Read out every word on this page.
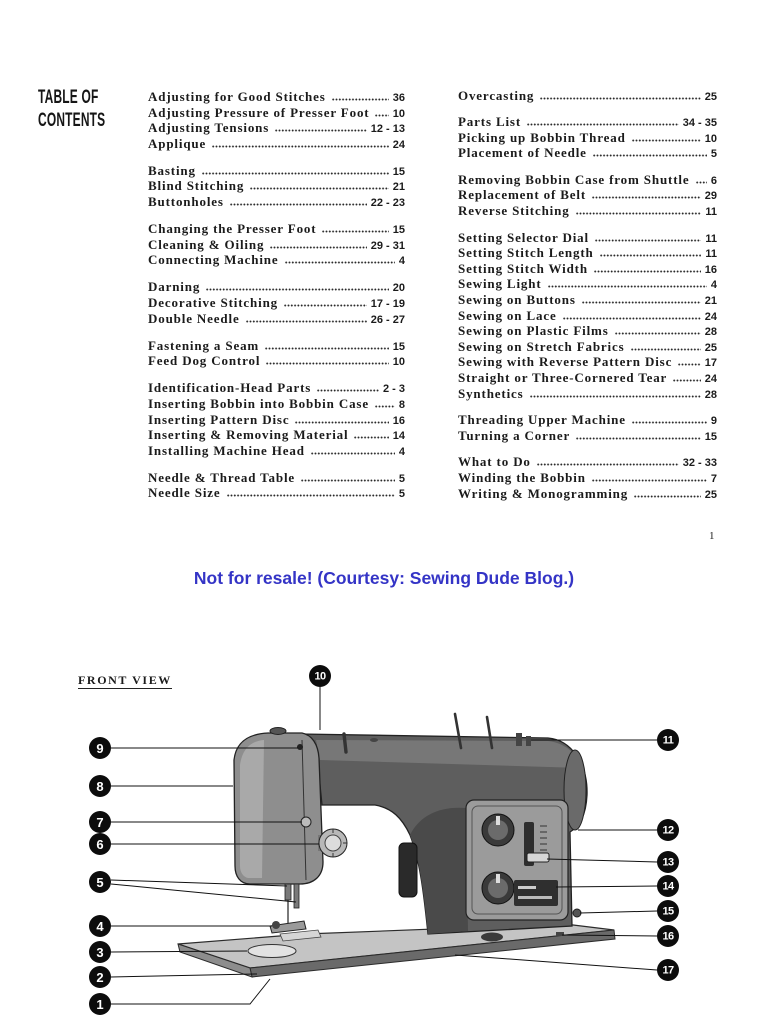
TABLE OF
CONTENTS
Adjusting for Good Stitches	36
Adjusting Pressure of Presser Foot 10
Adjusting Tensions	12 - 13
Applique	24
Basting	15
Blind Stitching	21
Buttonholes	22 - 23
Changing the Presser Foot	15
Cleaning & Oiling	29 - 31
Connecting Machine	4
Darning	20
Decorative Stitching	17 - 19
Double Needle	26 - 27
Fastening a Seam	15
Feed Dog Control	10
Identification-Head Parts	2 - 3
Inserting Bobbin into Bobbin Case	8
Inserting Pattern Disc	16
Inserting & Removing Material	14
Installing Machine Head	4
Needle & Thread Table	5
Needle Size	5
Overcasting	25
Parts List	34 - 35
Picking up Bobbin Thread	10
Placement of Needle	5
Removing Bobbin Case from Shuttle 6
Replacement of Belt	29
Reverse Stitching	11
Setting Selector Dial	11
Setting Stitch Length	11
Setting Stitch Width	16
Sewing Light	4
Sewing on Buttons	21
Sewing on Lace	24
Sewing on Plastic Films	28
Sewing on Stretch Fabrics	25
Sewing with Reverse Pattern Disc	17
Straight or Three-Cornered Tear	24
Synthetics	28
Threading Upper Machine	9
Turning a Corner	15
What to Do	32 - 33
Winding the Bobbin	7
Writing & Monogramming	25
1
Not for resale! (Courtesy: Sewing Dude Blog.)
FRONT VIEW
1
2
3
4
5
6
7
8
9
10
11
12
13
14
15
16
17
